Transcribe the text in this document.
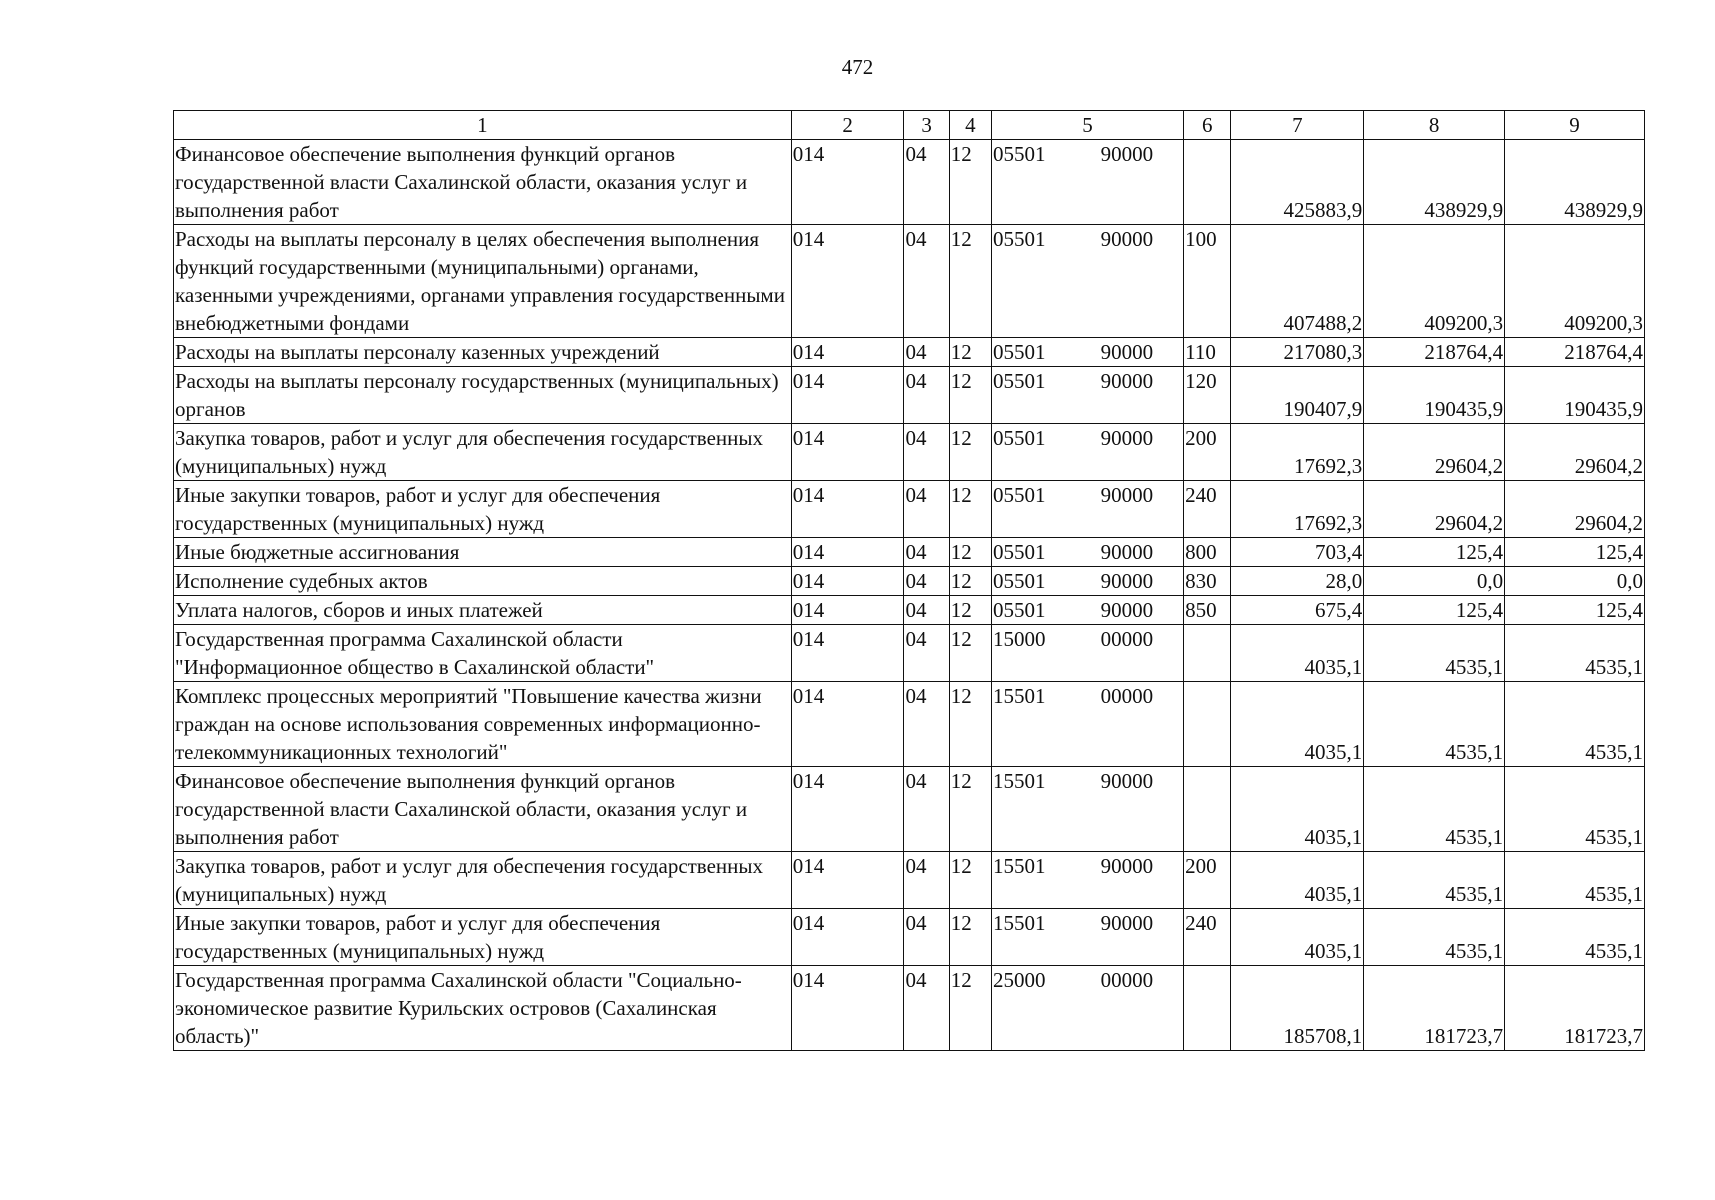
472
1	2	3	4	5	6	7	8	9
Финансовое обеспечение выполнения функций органов государственной власти Сахалинской области, оказания услуг и выполнения работ	014	04	12	05501 90000		425883,9	438929,9	438929,9
Расходы на выплаты персоналу в целях обеспечения выполнения функций государственными (муниципальными) органами, казенными учреждениями, органами управления государственными внебюджетными фондами	014	04	12	05501 90000	100	407488,2	409200,3	409200,3
Расходы на выплаты персоналу казенных учреждений	014	04	12	05501 90000	110	217080,3	218764,4	218764,4
Расходы на выплаты персоналу государственных (муниципальных) органов	014	04	12	05501 90000	120	190407,9	190435,9	190435,9
Закупка товаров, работ и услуг для обеспечения государственных (муниципальных) нужд	014	04	12	05501 90000	200	17692,3	29604,2	29604,2
Иные закупки товаров, работ и услуг для обеспечения государственных (муниципальных) нужд	014	04	12	05501 90000	240	17692,3	29604,2	29604,2
Иные бюджетные ассигнования	014	04	12	05501 90000	800	703,4	125,4	125,4
Исполнение судебных актов	014	04	12	05501 90000	830	28,0	0,0	0,0
Уплата налогов, сборов и иных платежей	014	04	12	05501 90000	850	675,4	125,4	125,4
Государственная программа Сахалинской области "Информационное общество в Сахалинской области"	014	04	12	15000 00000		4035,1	4535,1	4535,1
Комплекс процессных мероприятий "Повышение качества жизни граждан на основе использования современных информационно-телекоммуникационных технологий"	014	04	12	15501 00000		4035,1	4535,1	4535,1
Финансовое обеспечение выполнения функций органов государственной власти Сахалинской области, оказания услуг и выполнения работ	014	04	12	15501 90000		4035,1	4535,1	4535,1
Закупка товаров, работ и услуг для обеспечения государственных (муниципальных) нужд	014	04	12	15501 90000	200	4035,1	4535,1	4535,1
Иные закупки товаров, работ и услуг для обеспечения государственных (муниципальных) нужд	014	04	12	15501 90000	240	4035,1	4535,1	4535,1
Государственная программа Сахалинской области "Социально-экономическое развитие Курильских островов (Сахалинская область)"	014	04	12	25000 00000		185708,1	181723,7	181723,7
